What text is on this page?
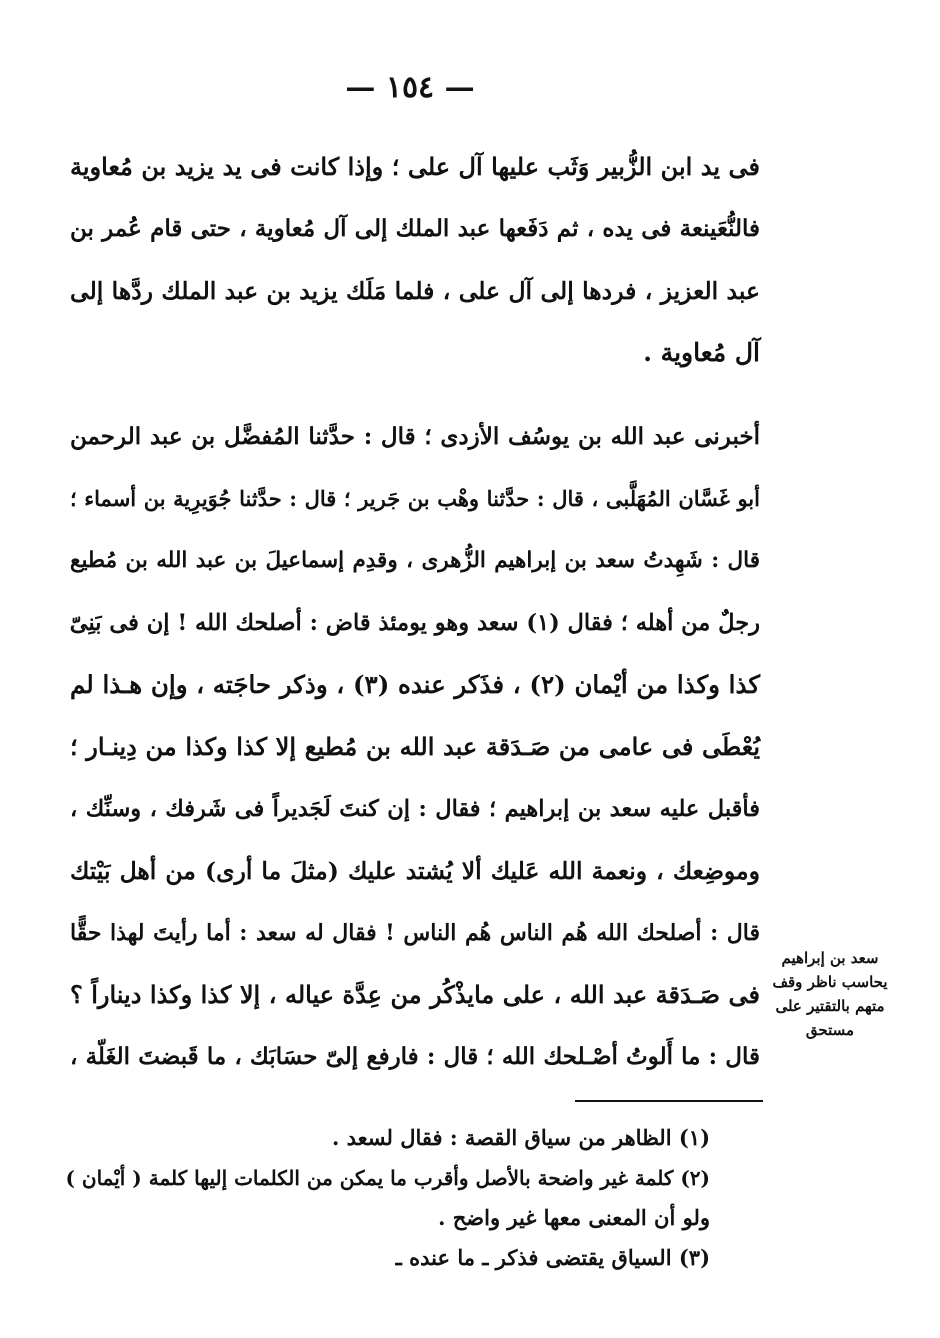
— ١٥٤ —
فى يد ابن الزُّبير وَثَب عليها آل على ؛ وإذا كانت فى يد يزيد بن مُعاوية
فالنُّعَينعة فى يده ، ثم دَفَعها عبد الملك إلى آل مُعاوية ، حتى قام عُمر بن
عبد العزيز ، فردها إلى آل على ، فلما مَلَك يزيد بن عبد الملك ردَّها إلى
آل مُعاوية .
أخبرنى عبد الله بن يوسُف الأزدى ؛ قال : حدَّثنا المُفضَّل بن عبد الرحمن
أبو غَسَّان المُهَلَّبى ، قال : حدَّثنا وهْب بن جَرير ؛ قال : حدَّثنا جُوَيرِية بن أسماء ؛
قال : شَهِدتُ سعد بن إبراهيم الزُّهرى ، وقدِم إسماعيلَ بن عبد الله بن مُطيع
رجلٌ من أهله ؛ فقال (١) سعد وهو يومئذ قاض : أصلحك الله ! إن فى بَنِىّ
كذا وكذا من أيْمان (٢) ، فذَكر عنده (٣) ، وذكر حاجَته ، وإن هـذا لم
يُعْطَى فى عامى من صَـدَقة عبد الله بن مُطيع إلا كذا وكذا من دِينـار ؛
فأقبل عليه سعد بن إبراهيم ؛ فقال : إن كنتَ لَجَديراً فى شَرفك ، وسنِّك ،
وموضِعك ، ونعمة الله عَليك ألا يُشتد عليك (مثلَ ما أرى) من أهل بَيْتك
قال : أصلحك الله هُم الناس هُم الناس ! فقال له سعد : أما رأيتَ لهذا حقًّا
فى صَـدَقة عبد الله ، على مايذْكُر من عِدَّة عياله ، إلا كذا وكذا ديناراً ؟
قال : ما أَلوتُ أصْـلحك الله ؛ قال : فارفع إلىّ حسَابَك ، ما قَبضتَ الغَلّة ،
سعد بن إبراهيم
يحاسب ناظر وقف
متهم بالتقتير على
مستحق
(١) الظاهر من سياق القصة : فقال لسعد .
(٢) كلمة غير واضحة بالأصل وأقرب ما يمكن من الكلمات إليها كلمة ( أيْمان )
ولو أن المعنى معها غير واضح .
(٣) السياق يقتضى فذكر ـ ما عنده ـ
